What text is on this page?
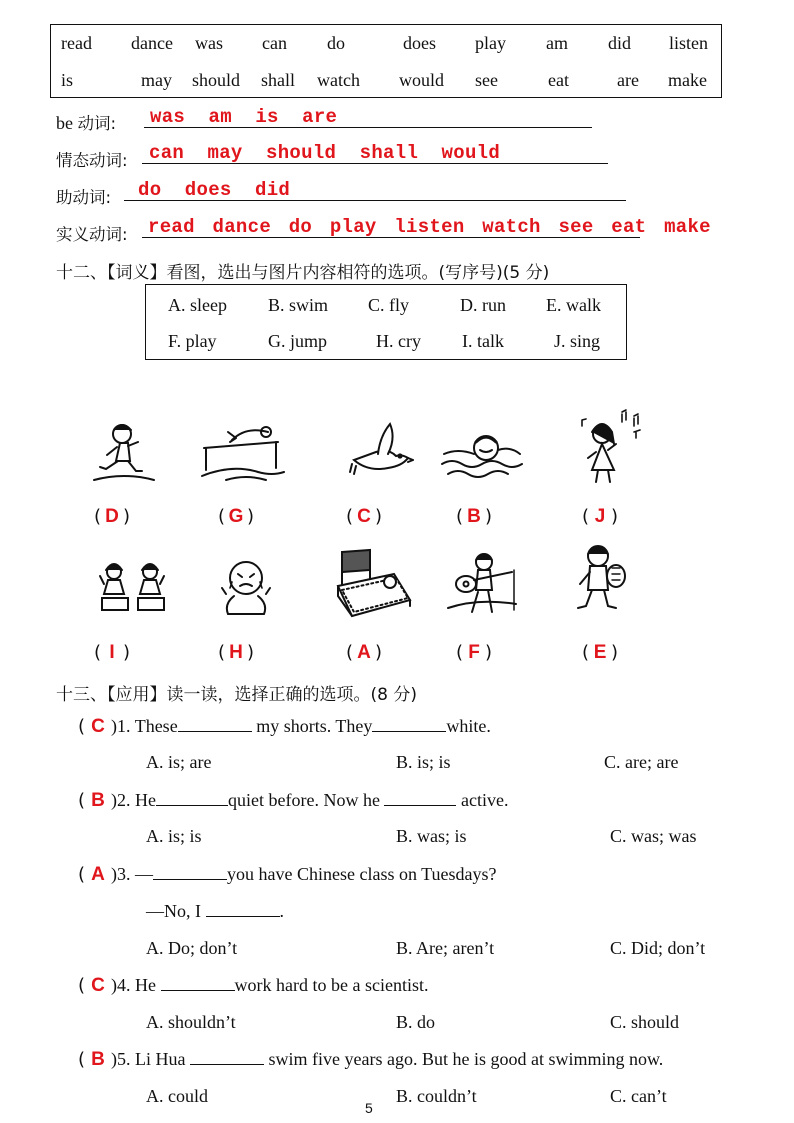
read dance was can do	does play am did listen
is	may should shall watch would see	eat	are make
be 动词: was  am  is  are
情态动词: can  may  should  shall  would
助动词: do  does  did
实义动词: read dance do play listen watch see eat make
十二、【词义】看图，选出与图片内容相符的选项。(写序号)(5 分)
A. sleep B. swim C. fly	D. run E. walk
F. play	G. jump	H. cry I. talk	J. sing
( D )	( G )	( C )	( B )	( J )
( I )	( H )	( A )	( F )	( E )
十三、【应用】读一读，选择正确的选项。(8 分)
( C )1. These	my shorts. They	white.
A. is; are	B. is; is	C. are; are
( B )2. He	quiet before. Now he	active.
A. is; is	B. was; is	C. was; was
( A )3. —	you have Chinese class on Tuesdays?
—No, I	.
A. Do; don’t	B. Are; aren’t	C. Did; don’t
( C )4. He	work hard to be a scientist.
A. shouldn’t	B. do	C. should
( B )5. Li Hua	swim five years ago. But he is good at swimming now.
A. could	B. couldn’t	C. can’t
5
